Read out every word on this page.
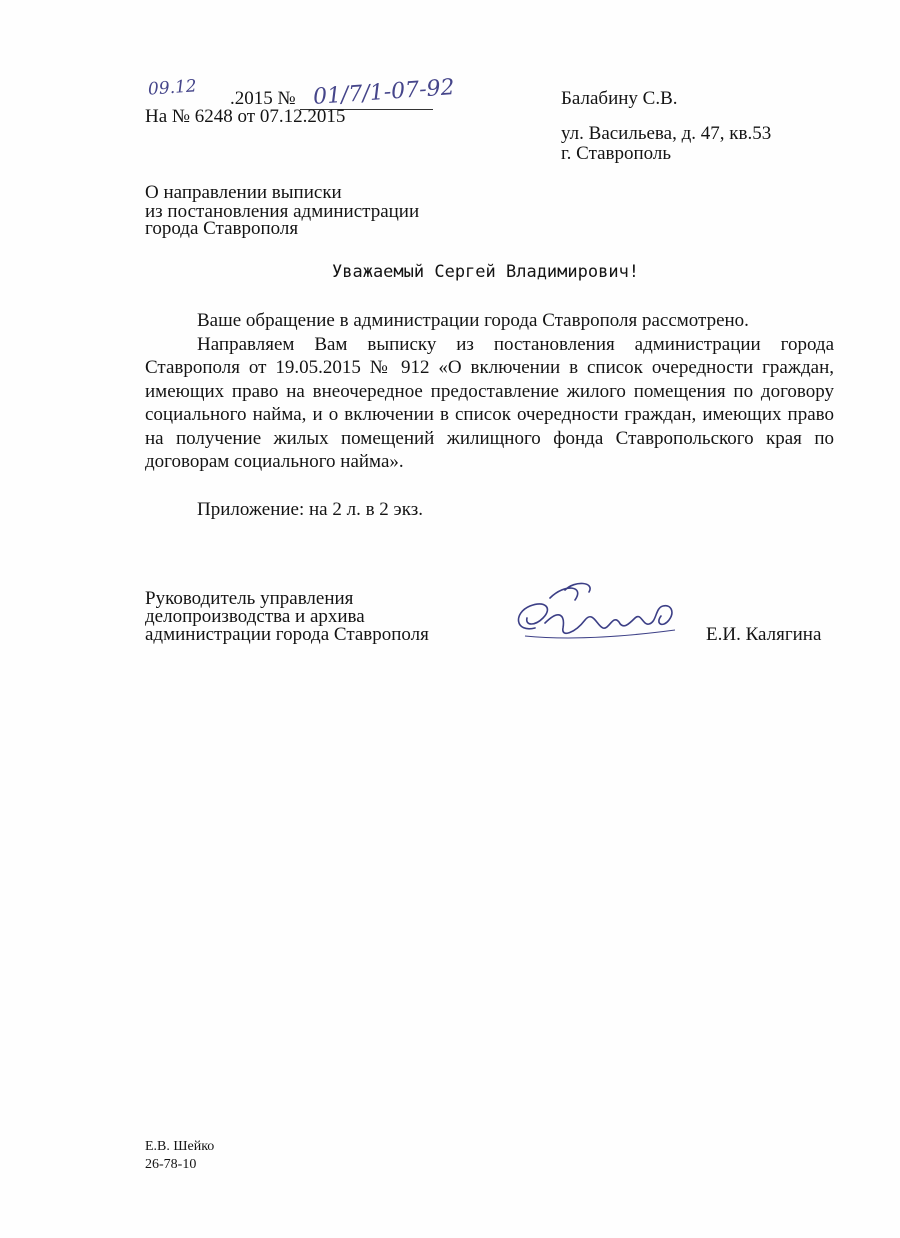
09.12 .2015 № 01/7/1-07-92
На № 6248 от 07.12.2015
Балабину С.В.
ул. Васильева, д. 47, кв.53
г. Ставрополь
О направлении выписки
из постановления администрации
города Ставрополя
Уважаемый Сергей Владимирович!

Ваше обращение в администрации города Ставрополя рассмотрено.

Направляем Вам выписку из постановления администрации города Ставрополя от 19.05.2015 № 912 «О включении в список очередности граждан, имеющих право на внеочередное предоставление жилого помещения по договору социального найма, и о включении в список очередности граждан, имеющих право на получение жилых помещений жилищного фонда Ставропольского края по договорам социального найма».

Приложение: на 2 л. в 2 экз.
Руководитель управления
делопроизводства и архива
администрации города Ставрополя	Е.И. Калягина
Е.В. Шейко
26-78-10
